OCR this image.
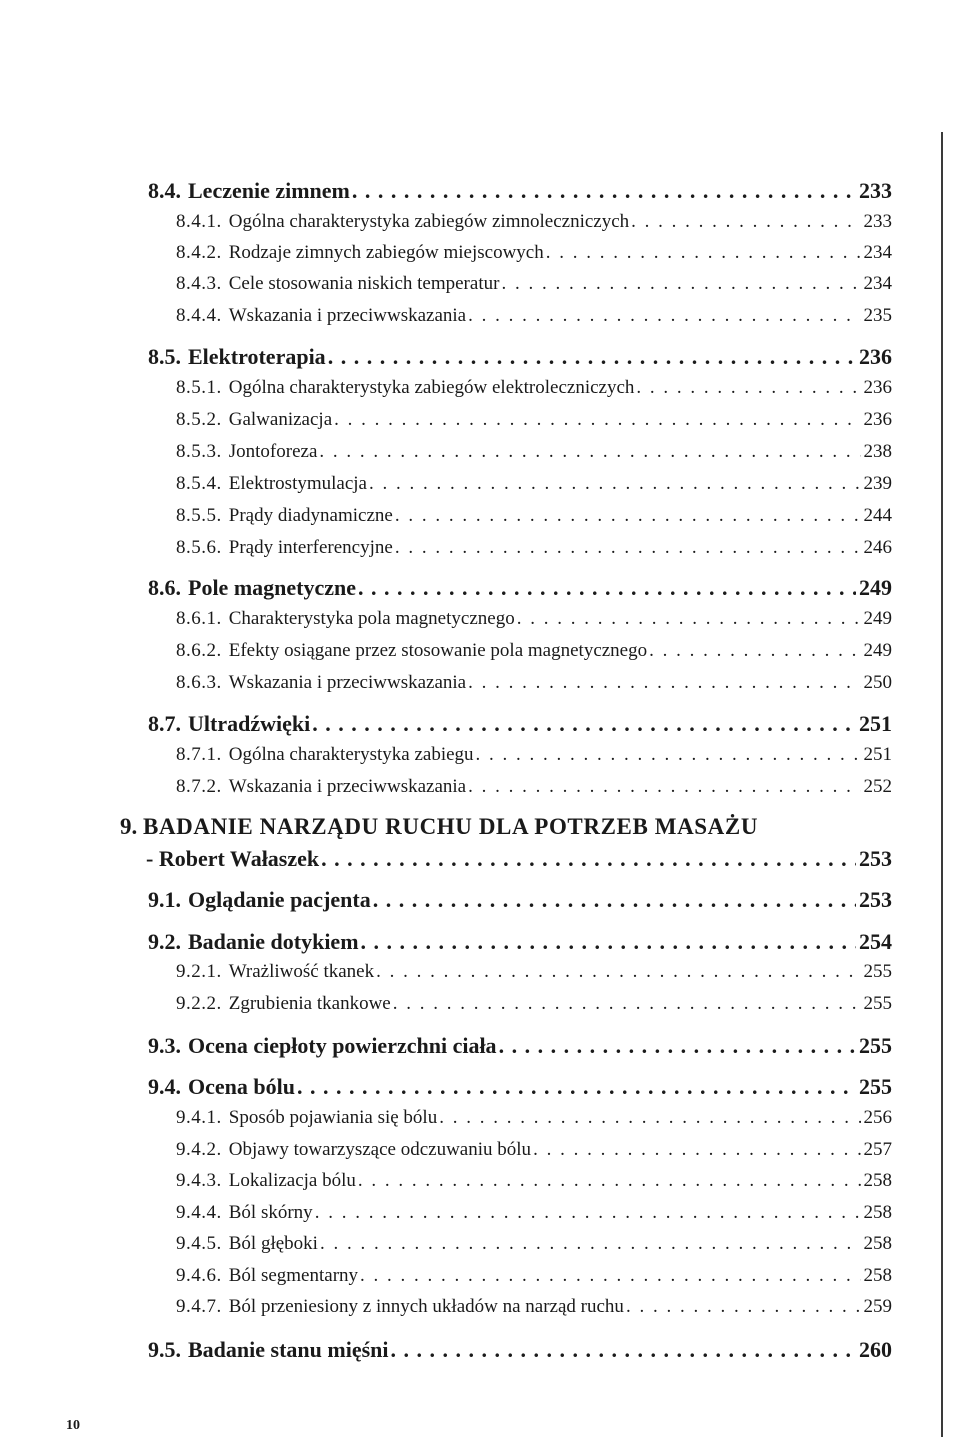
8.4. Leczenie zimnem . . .	233
8.4.1. Ogólna charakterystyka zabiegów zimnoleczniczych . . .	233
8.4.2. Rodzaje zimnych zabiegów miejscowych . . .	234
8.4.3. Cele stosowania niskich temperatur . . .	234
8.4.4. Wskazania i przeciwwskazania . . .	235
8.5. Elektroterapia . . .	236
8.5.1. Ogólna charakterystyka zabiegów elektroleczniczych . . .	236
8.5.2. Galwanizacja . . .	236
8.5.3. Jontoforeza . . .	238
8.5.4. Elektrostymulacja . . .	239
8.5.5. Prądy diadynamiczne . . .	244
8.5.6. Prądy interferencyjne . . .	246
8.6. Pole magnetyczne . . .	249
8.6.1. Charakterystyka pola magnetycznego . . .	249
8.6.2. Efekty osiągane przez stosowanie pola magnetycznego . . .	249
8.6.3. Wskazania i przeciwwskazania . . .	250
8.7. Ultradźwięki . . .	251
8.7.1. Ogólna charakterystyka zabiegu . . .	251
8.7.2. Wskazania i przeciwwskazania . . .	252
9. BADANIE NARZĄDU RUCHU DLA POTRZEB MASAŻU
- Robert Wałaszek . . .	253
9.1. Oglądanie pacjenta . . .	253
9.2. Badanie dotykiem . . .	254
9.2.1. Wrażliwość tkanek . . .	255
9.2.2. Zgrubienia tkankowe . . .	255
9.3. Ocena ciepłoty powierzchni ciała . . .	255
9.4. Ocena bólu . . .	255
9.4.1. Sposób pojawiania się bólu . . .	256
9.4.2. Objawy towarzyszące odczuwaniu bólu . . .	257
9.4.3. Lokalizacja bólu . . .	258
9.4.4. Ból skórny . . .	258
9.4.5. Ból głęboki . . .	258
9.4.6. Ból segmentarny . . .	258
9.4.7. Ból przeniesiony z innych układów na narząd ruchu . . .	259
9.5. Badanie stanu mięśni . . .	260
10
